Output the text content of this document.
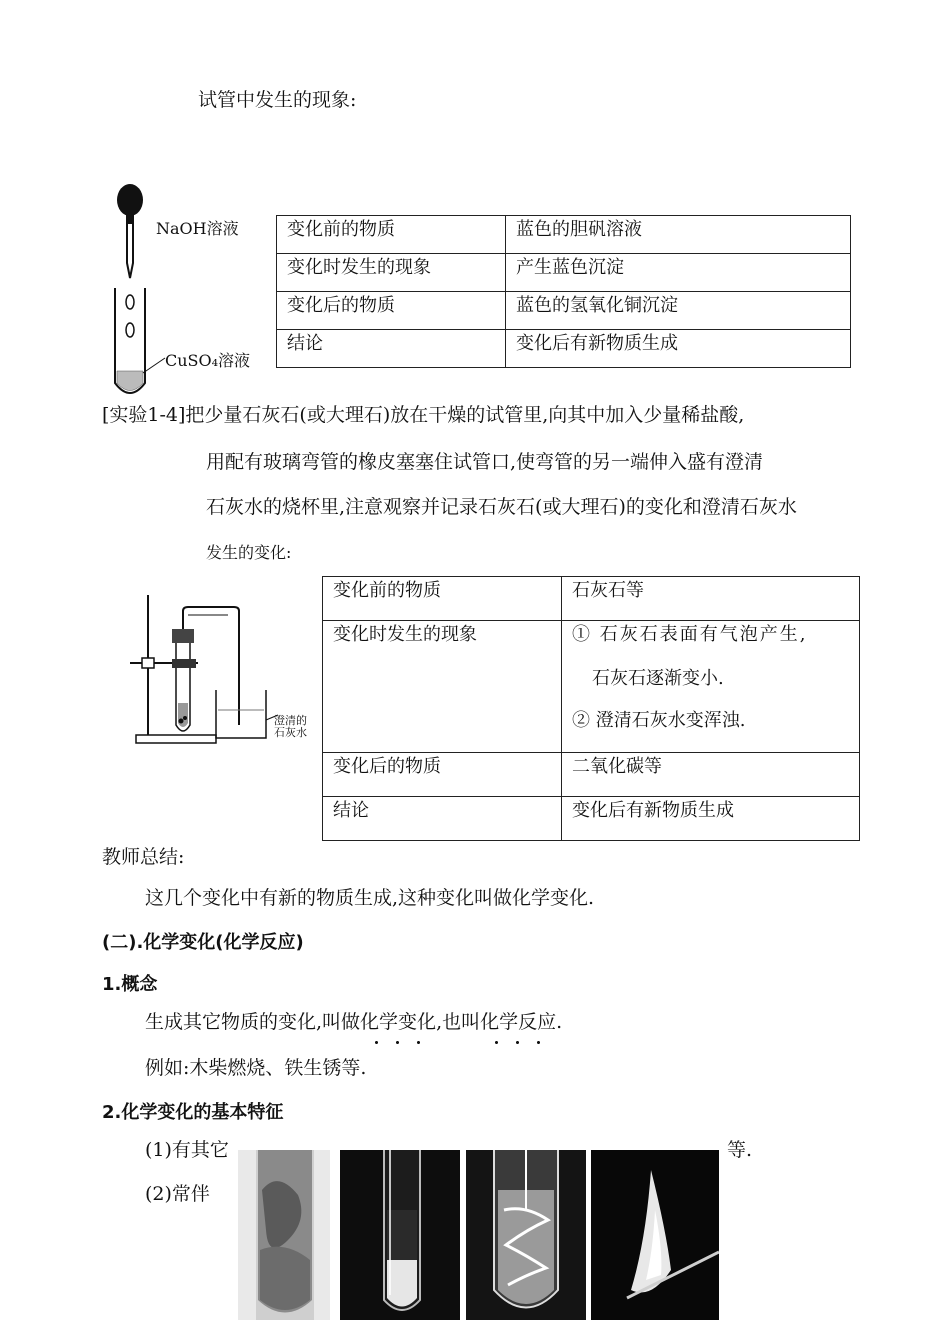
试管中发生的现象:
NaOH溶液
CuSO₄溶液
变化前的物质	蓝色的胆矾溶液
变化时发生的现象	产生蓝色沉淀
变化后的物质	蓝色的氢氧化铜沉淀
结论	变化后有新物质生成
[实验1-4]把少量石灰石(或大理石)放在干燥的试管里,向其中加入少量稀盐酸,
用配有玻璃弯管的橡皮塞塞住试管口,使弯管的另一端伸入盛有澄清
石灰水的烧杯里,注意观察并记录石灰石(或大理石)的变化和澄清石灰水
发生的变化:
澄清的石灰水
变化前的物质	石灰石等
变化时发生的现象	① 石灰石表面有气泡产生,
石灰石逐渐变小.
② 澄清石灰水变浑浊.

变化后的物质	二氧化碳等
结论	变化后有新物质生成
教师总结:
这几个变化中有新的物质生成,这种变化叫做化学变化.
(二).化学变化(化学反应)
1.概念
生成其它物质的变化,叫做化学变化,也叫化学反应.
例如:木柴燃烧、铁生锈等.
2.化学变化的基本特征
(1)有其它	等.
(2)常伴
